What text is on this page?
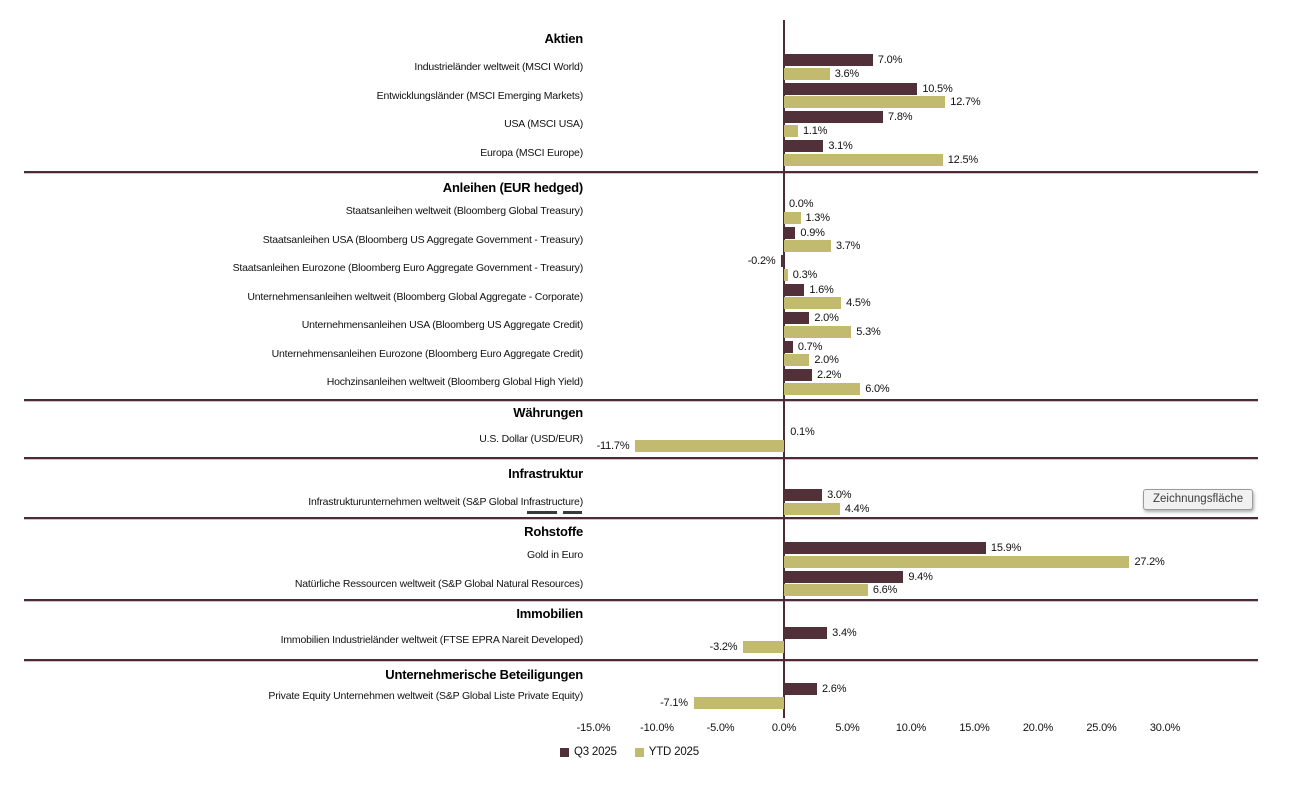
Zeichnungsfläche
Q3 2025	YTD 2025
Aktien
Industrieländer weltweit (MSCI World)
7.0%
3.6%
Entwicklungsländer (MSCI Emerging Markets)
10.5%
12.7%
USA (MSCI USA)
7.8%
1.1%
Europa (MSCI Europe)
3.1%
12.5%
Anleihen (EUR hedged)
Staatsanleihen weltweit (Bloomberg Global Treasury)
0.0%
1.3%
Staatsanleihen USA (Bloomberg US Aggregate Government - Treasury)
0.9%
3.7%
Staatsanleihen Eurozone (Bloomberg Euro Aggregate Government - Treasury)
-0.2%
0.3%
Unternehmensanleihen weltweit (Bloomberg Global Aggregate - Corporate)
1.6%
4.5%
Unternehmensanleihen USA (Bloomberg US Aggregate Credit)
2.0%
5.3%
Unternehmensanleihen Eurozone (Bloomberg Euro Aggregate Credit)
0.7%
2.0%
Hochzinsanleihen weltweit (Bloomberg Global High Yield)
2.2%
6.0%
Währungen
U.S. Dollar (USD/EUR)
0.1%
-11.7%
Infrastruktur
Infrastrukturunternehmen weltweit (S&P Global Infrastructure)
3.0%
4.4%
Rohstoffe
Gold in Euro
15.9%
27.2%
Natürliche Ressourcen weltweit (S&P Global Natural Resources)
9.4%
6.6%
Immobilien
Immobilien Industrieländer weltweit (FTSE EPRA Nareit Developed)
3.4%
-3.2%
Unternehmerische Beteiligungen
Private Equity Unternehmen weltweit (S&P Global Liste Private Equity)
2.6%
-7.1%
-15.0%	-10.0%	-5.0%	0.0%	5.0%	10.0%	15.0%	20.0%	25.0%	30.0%
